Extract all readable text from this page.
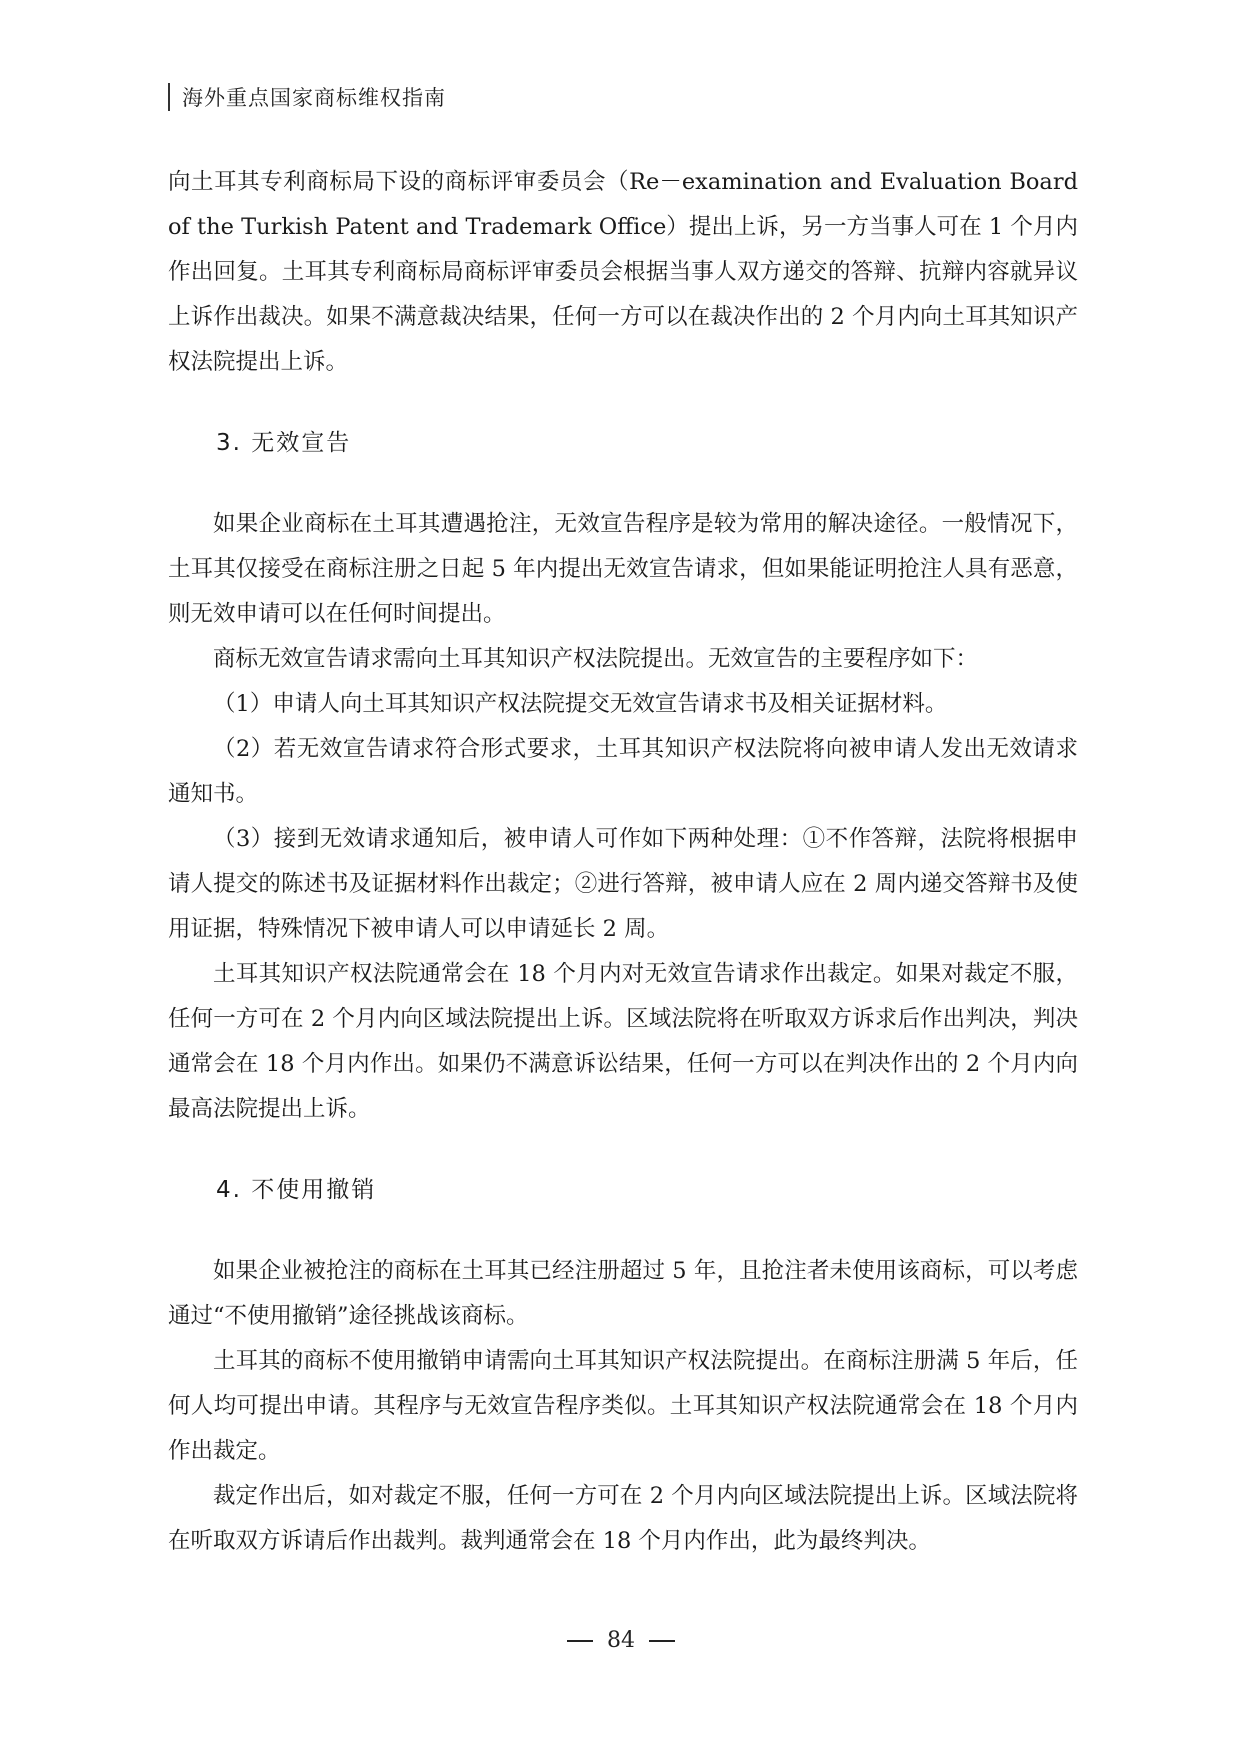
海外重点国家商标维权指南

向土耳其专利商标局下设的商标评审委员会（Re－examination and Evaluation Board of the Turkish Patent and Trademark Office）提出上诉，另一方当事人可在 1 个月内作出回复。土耳其专利商标局商标评审委员会根据当事人双方递交的答辩、抗辩内容就异议上诉作出裁决。如果不满意裁决结果，任何一方可以在裁决作出的 2 个月内向土耳其知识产权法院提出上诉。

3. 无效宣告

如果企业商标在土耳其遭遇抢注，无效宣告程序是较为常用的解决途径。一般情况下，土耳其仅接受在商标注册之日起 5 年内提出无效宣告请求，但如果能证明抢注人具有恶意，则无效申请可以在任何时间提出。

商标无效宣告请求需向土耳其知识产权法院提出。无效宣告的主要程序如下：

（1）申请人向土耳其知识产权法院提交无效宣告请求书及相关证据材料。

（2）若无效宣告请求符合形式要求，土耳其知识产权法院将向被申请人发出无效请求通知书。

（3）接到无效请求通知后，被申请人可作如下两种处理：①不作答辩，法院将根据申请人提交的陈述书及证据材料作出裁定；②进行答辩，被申请人应在 2 周内递交答辩书及使用证据，特殊情况下被申请人可以申请延长 2 周。

土耳其知识产权法院通常会在 18 个月内对无效宣告请求作出裁定。如果对裁定不服，任何一方可在 2 个月内向区域法院提出上诉。区域法院将在听取双方诉求后作出判决，判决通常会在 18 个月内作出。如果仍不满意诉讼结果，任何一方可以在判决作出的 2 个月内向最高法院提出上诉。

4. 不使用撤销

如果企业被抢注的商标在土耳其已经注册超过 5 年，且抢注者未使用该商标，可以考虑通过“不使用撤销”途径挑战该商标。

土耳其的商标不使用撤销申请需向土耳其知识产权法院提出。在商标注册满 5 年后，任何人均可提出申请。其程序与无效宣告程序类似。土耳其知识产权法院通常会在 18 个月内作出裁定。

裁定作出后，如对裁定不服，任何一方可在 2 个月内向区域法院提出上诉。区域法院将在听取双方诉请后作出裁判。裁判通常会在 18 个月内作出，此为最终判决。

84
